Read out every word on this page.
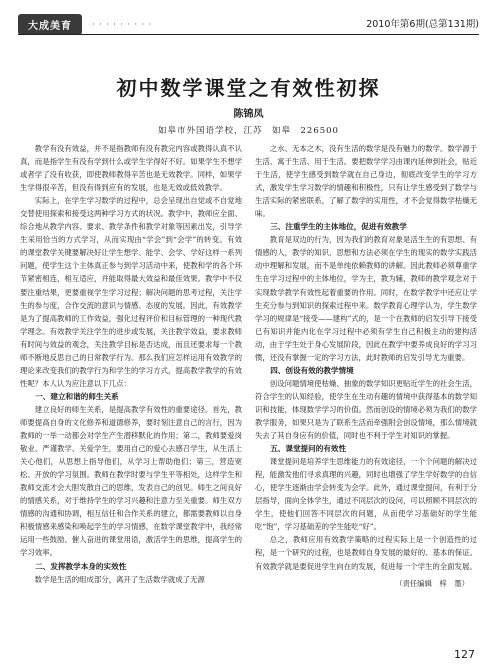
大成美育	· · · · · · · · ·	2010年第6期(总第131期)
初中数学课堂之有效性初探
陈锦凤
如皋市外国语学校，江苏　如皋　226500

教学有没有效益，并不是指教师有没有教完内容或教得认真不认真，而是指学生有没有学到什么或学生学得好不好。如果学生不想学或者学了没有收获，即使教师教得辛苦也是无效教学。同样，如果学生学得很辛苦，但没有得到应有的发展，也是无效或低效教学。

实际上，在学生学习数学的过程中，总会呈现出自觉或不自觉地交替使用探索和接受这两种学习方式的状况。教学中，教师应全面、综合地从教学内容、要求、教学条件和教学对象等因素出发，引导学生采用恰当的方式学习，从而实现由“学会”到“会学”的转变。有效的课堂教学关键要解决好让学生想学、能学、会学、学好这样一系列问题，使学生这个主体真正参与到学习活动中来，使教和学的各个环节紧密相连，相互适应，并能取得最大效益和最佳效果。教学中不仅要注重结果，更要重视学生学习过程；解决问题的思考过程，关注学生的参与度，合作交流的意识与情感、态度的发展。因此，有效教学是为了提高教师的工作效益，强化过程评价和目标管理的一种现代教学理念。有效教学关注学生的进步或发展，关注教学效益，要求教师有时间与效益的观念，关注教学目标是否达成，而且还要求每一个教师不断地反思自己的日常教学行为。那么我们应怎样运用有效教学的理论来改变我们的教学行为和学生的学习方式，提高教学教学的有效性呢？本人认为应注意以下几点：

一、建立和谐的师生关系

建立良好的师生关系，是提高教学有效性的重要途径。首先，教师要提高自身的文化修养和道德修养，要时刻注意自己的言行，因为教师的一举一动都会对学生产生潜移默化的作用；第二，教师要爱岗敬业、严谨教学、关爱学生，要用自己的爱心去感召学生，从生活上关心他们，从思想上指导他们，从学习上帮助他们；第三，营造宽松、开放的学习氛围。教师在教学时要与学生平等相处，这样学生和教师交流才会大胆发散自己的思维，发表自己的创见。师生之间良好的情感关系，对于维持学生的学习兴趣和注意力至关重要。师生双方情感的沟通和协调，相互信任和合作关系的建立，都需要教师以自身积极情感来感染和唤起学生的学习情感，在数学课堂教学中，我经常运用一些鼓励、催人奋进的课堂用语，激活学生的思维，提高学生的学习效率。

二、发挥教学本身的实效性

数学是生活的组成部分，离开了生活数学就成了无源

之水、无本之木，没有生活的数学是没有魅力的数学。数学源于生活、寓于生活、用于生活。要把数学学习由课内延伸到社会，贴近于生活，使学生感受到数学就在自己身边，彻底改变学生的学习方式，激发学生学习数学的情趣和积极性，只有让学生感受到了数学与生活实际的紧密联系，了解了数学的实用性，才不会觉得数学枯燥无味。

三、注重学生的主体地位，促进有效教学

教育是双边的行为，因为我们的教育对象是活生生的有思想、有情感的人，教学的知识、思想和方法必须在学生的现实的数学实践活动中理解和发展，而不是单纯依赖教师的讲解。因此教师必须尊重学生在学习过程中的主体地位，学为主，教为辅，教师的教学观念对于实现数学教学有效性起着重要的作用。同时，在数学教学中还应让学生充分参与到知识的探索过程中来。数学教育心理学认为，学生数学学习的规律是“接受——建构”式的，是一个在教师的启发引导下接受已有知识并能内化在学习过程中必须有学生自己积极主动的建构活动，由于学生处于身心发展阶段，因此在教学中要养成良好的学习习惯，还没有掌握一定的学习方法，此时教师的启发引导尤为重要。

四、创设有效的教学情境

创设问题情境使枯燥、抽象的数学知识更贴近学生的社会生活，符合学生的认知经验，使学生在生动有趣的情境中获得基本的数学知识和技能，体现数学学习的价值。然而创设的情境必须为我们的数学教学服务，如果只是为了联系生活而牵强附会创设情境，那么情境就失去了其自身应有的价值，同时也不利于学生对知识的掌握。

五、课堂提问的有效性

课堂提问是培养学生思维能力的有效途径，一个个问题的解决过程，能激发他们寻求真理的兴趣，同时也增强了学生学好数学的自信心，使学生逐渐由学会转变为会学。此外，通过课堂提问，有利于分层指导，面向全体学生，通过不同层次的设问，可以照顾不同层次的学生，使他们回答不同层次的问题，从而使学习基础好的学生能吃“饱”，学习基础差的学生能吃“好”。

总之，教师应用有效教学策略的过程实际上是一个创造性的过程，是一个研究的过程，也是教师自身发展的最好的、基本的保证。有效教学就是要促进学生向在的发展，促进每一个学生的全面发展。

（责任编辑　梓　墨）
127
